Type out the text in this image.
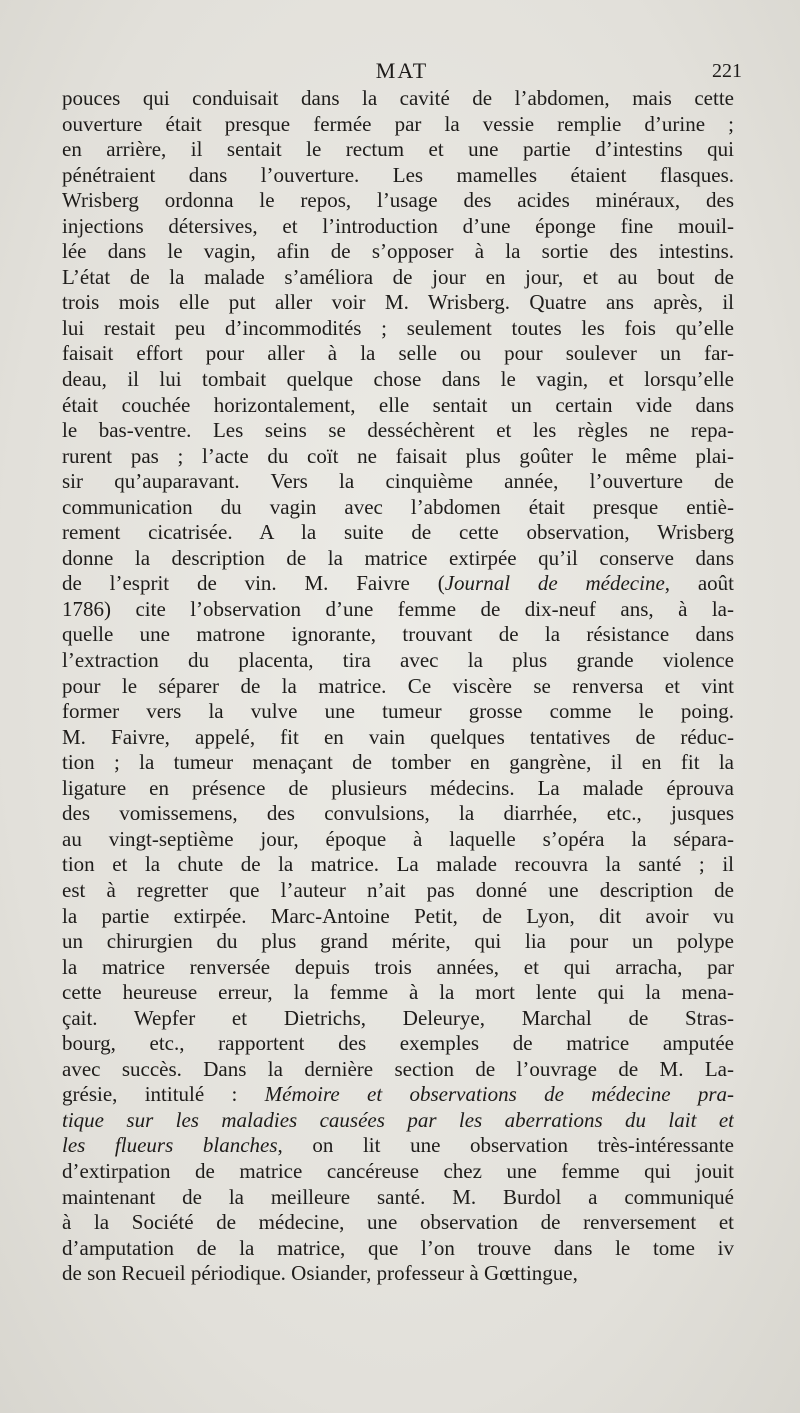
MAT	221
pouces qui conduisait dans la cavité de l’abdomen, mais cette
ouverture était presque fermée par la vessie remplie d’urine ;
en arrière, il sentait le rectum et une partie d’intestins qui
pénétraient dans l’ouverture. Les mamelles étaient flasques.
Wrisberg ordonna le repos, l’usage des acides minéraux, des
injections détersives, et l’introduction d’une éponge fine mouil-
lée dans le vagin, afin de s’opposer à la sortie des intestins.
L’état de la malade s’améliora de jour en jour, et au bout de
trois mois elle put aller voir M. Wrisberg. Quatre ans après, il
lui restait peu d’incommodités ; seulement toutes les fois qu’elle
faisait effort pour aller à la selle ou pour soulever un far-
deau, il lui tombait quelque chose dans le vagin, et lorsqu’elle
était couchée horizontalement, elle sentait un certain vide dans
le bas-ventre. Les seins se desséchèrent et les règles ne repa-
rurent pas ; l’acte du coït ne faisait plus goûter le même plai-
sir qu’auparavant. Vers la cinquième année, l’ouverture de
communication du vagin avec l’abdomen était presque entiè-
rement cicatrisée. A la suite de cette observation, Wrisberg
donne la description de la matrice extirpée qu’il conserve dans
de l’esprit de vin. M. Faivre (Journal de médecine, août
1786) cite l’observation d’une femme de dix-neuf ans, à la-
quelle une matrone ignorante, trouvant de la résistance dans
l’extraction du placenta, tira avec la plus grande violence
pour le séparer de la matrice. Ce viscère se renversa et vint
former vers la vulve une tumeur grosse comme le poing.
M. Faivre, appelé, fit en vain quelques tentatives de réduc-
tion ; la tumeur menaçant de tomber en gangrène, il en fit la
ligature en présence de plusieurs médecins. La malade éprouva
des vomissemens, des convulsions, la diarrhée, etc., jusques
au vingt-septième jour, époque à laquelle s’opéra la sépara-
tion et la chute de la matrice. La malade recouvra la santé ; il
est à regretter que l’auteur n’ait pas donné une description de
la partie extirpée. Marc-Antoine Petit, de Lyon, dit avoir vu
un chirurgien du plus grand mérite, qui lia pour un polype
la matrice renversée depuis trois années, et qui arracha, par
cette heureuse erreur, la femme à la mort lente qui la mena-
çait. Wepfer et Dietrichs, Deleurye, Marchal de Stras-
bourg, etc., rapportent des exemples de matrice amputée
avec succès. Dans la dernière section de l’ouvrage de M. La-
grésie, intitulé : Mémoire et observations de médecine pra-
tique sur les maladies causées par les aberrations du lait et
les flueurs blanches, on lit une observation très-intéressante
d’extirpation de matrice cancéreuse chez une femme qui jouit
maintenant de la meilleure santé. M. Burdol a communiqué
à la Société de médecine, une observation de renversement et
d’amputation de la matrice, que l’on trouve dans le tome iv
de son Recueil périodique. Osiander, professeur à Gœttingue,
